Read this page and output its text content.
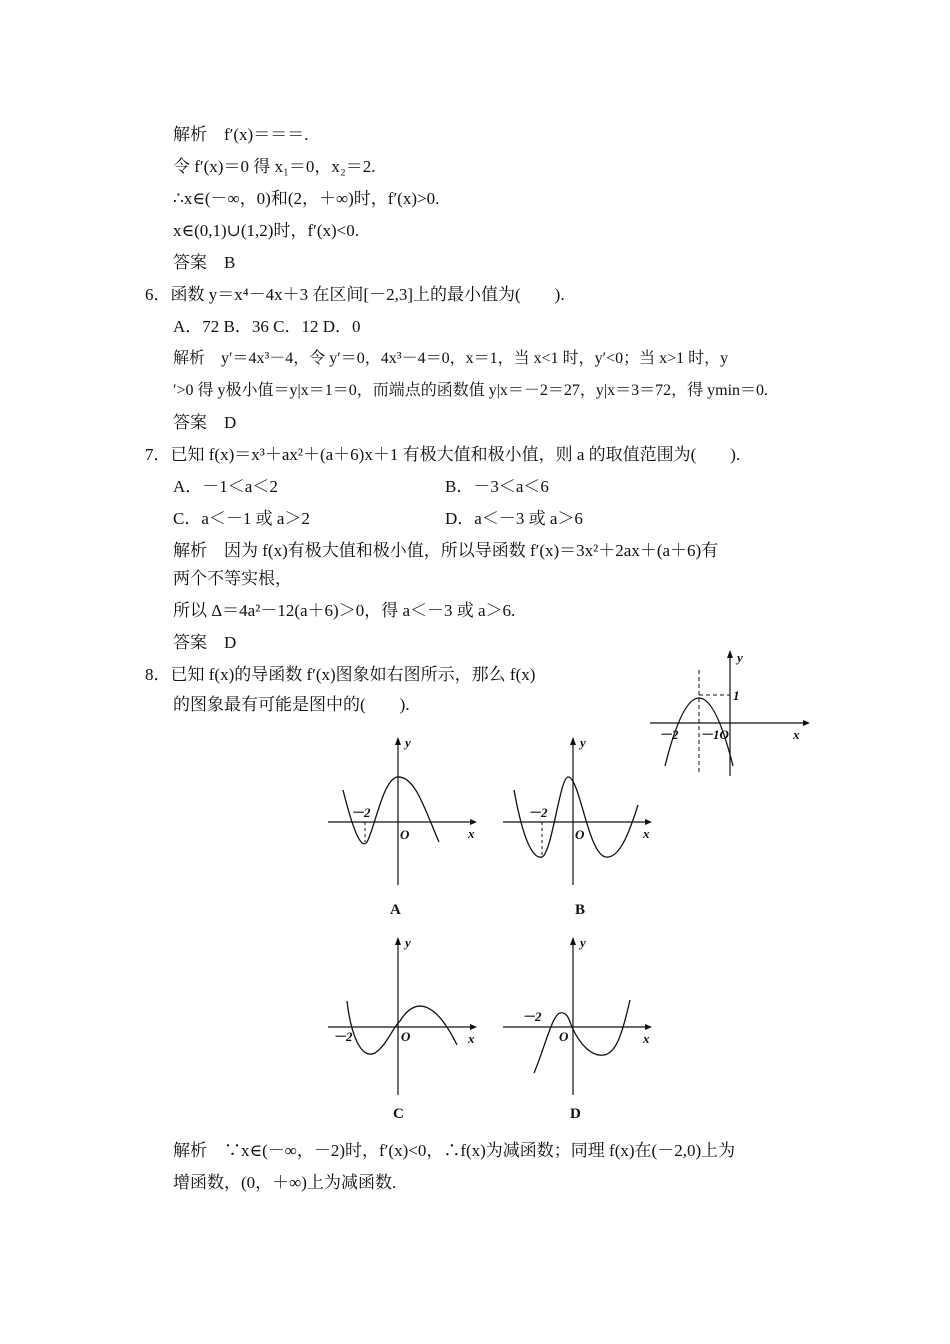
解析　f′(x)＝＝＝.
令 f′(x)＝0 得 x₁＝0，x₂＝2.
∴x∈(－∞，0)和(2，＋∞)时，f′(x)>0.
x∈(0,1)∪(1,2)时，f′(x)<0.
答案　B
6．函数 y＝x⁴－4x＋3 在区间[－2,3]上的最小值为(　　).
A．72 B．36 C．12 D．0
解析　y′＝4x³－4，令 y′＝0，4x³－4＝0，x＝1，当 x<1 时，y′<0；当 x>1 时，y
′>0 得 y极小值＝y|x＝1＝0，而端点的函数值 y|x＝－2＝27，y|x＝3＝72，得 ymin＝0.
答案　D
7．已知 f(x)＝x³＋ax²＋(a＋6)x＋1 有极大值和极小值，则 a 的取值范围为(　　).
A．－1＜a＜2	B．－3＜a＜6
C．a＜－1 或 a＞2	D．a＜－3 或 a＞6
解析　因为 f(x)有极大值和极小值，所以导函数 f′(x)＝3x²＋2ax＋(a＋6)有
两个不等实根，
所以 Δ＝4a²－12(a＋6)＞0，得 a＜－3 或 a＞6.
答案　D
8．已知 f(x)的导函数 f′(x)图象如右图所示，那么 f(x)
的图象最有可能是图中的(　　).
解析　∵x∈(－∞，－2)时，f′(x)<0，∴f(x)为减函数；同理 f(x)在(－2,0)上为
增函数，(0，＋∞)上为减函数.
y
x
1
－2 －1O
y
x
O
－2
A
y
x
O
－2
B
y
x
O
－2
C
y
x
O
－2
D
